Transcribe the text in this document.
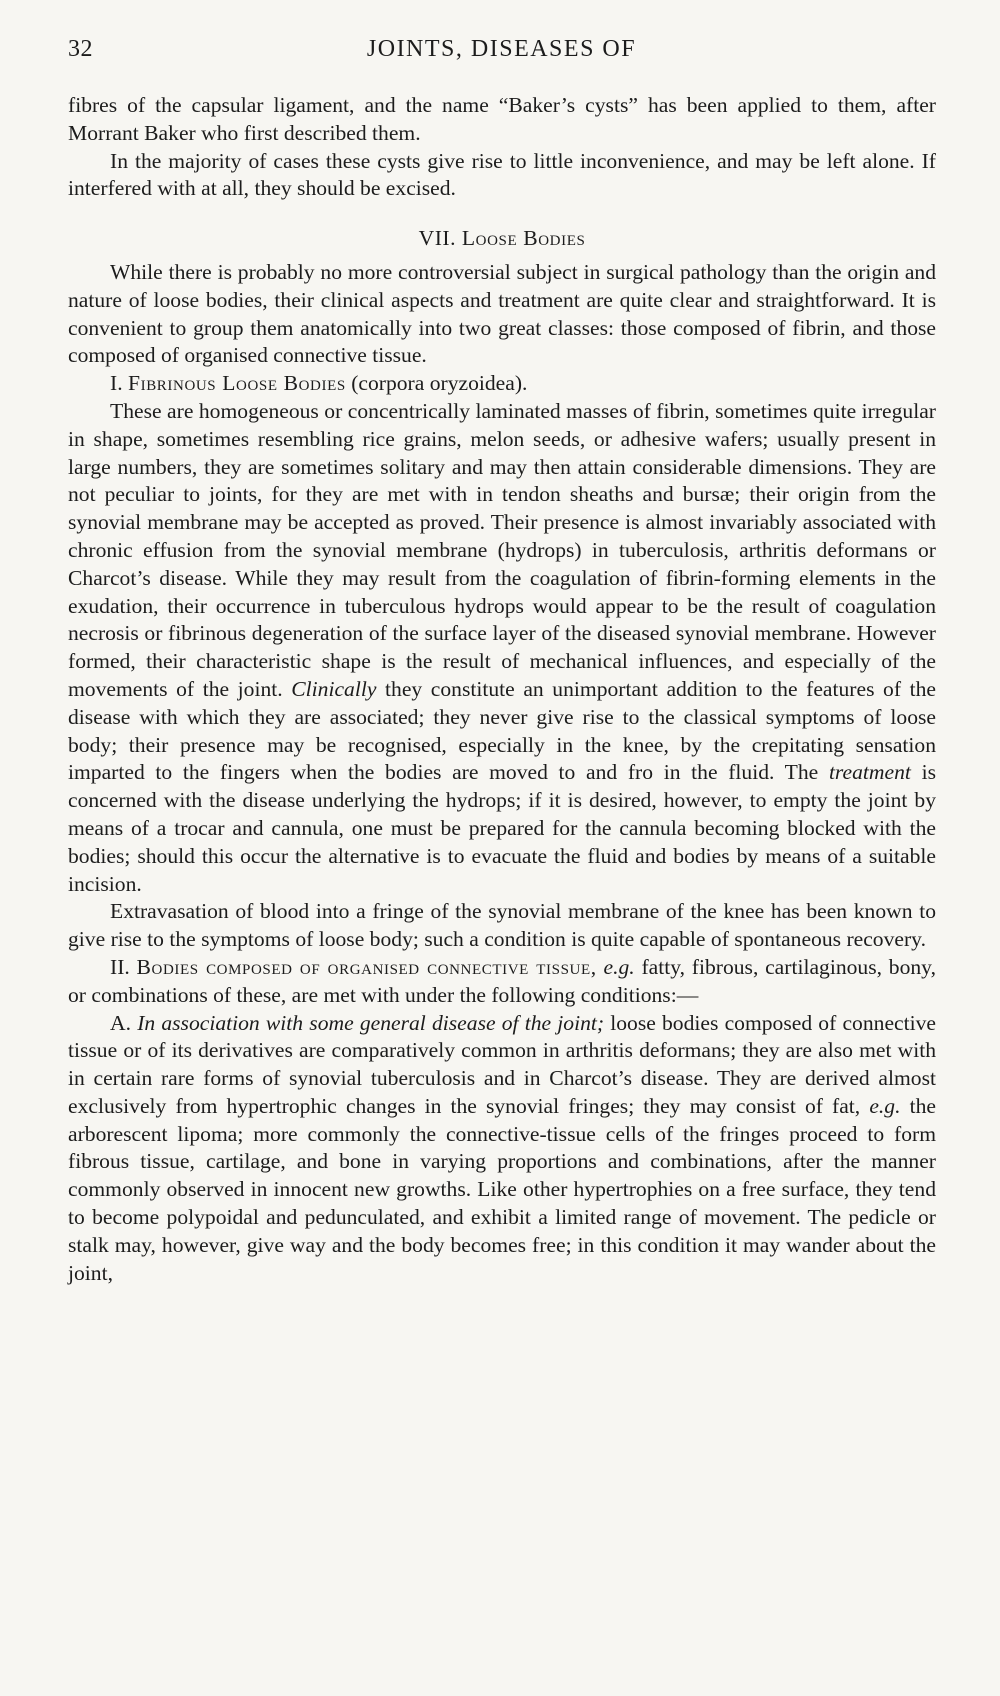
32	JOINTS, DISEASES OF

fibres of the capsular ligament, and the name “Baker’s cysts” has been applied to them, after Morrant Baker who first described them.

In the majority of cases these cysts give rise to little inconvenience, and may be left alone. If interfered with at all, they should be excised.

VII. Loose Bodies

While there is probably no more controversial subject in surgical pathology than the origin and nature of loose bodies, their clinical aspects and treatment are quite clear and straightforward. It is convenient to group them anatomically into two great classes: those composed of fibrin, and those composed of organised connective tissue.

I. Fibrinous Loose Bodies (corpora oryzoidea).

These are homogeneous or concentrically laminated masses of fibrin, sometimes quite irregular in shape, sometimes resembling rice grains, melon seeds, or adhesive wafers; usually present in large numbers, they are sometimes solitary and may then attain considerable dimensions. They are not peculiar to joints, for they are met with in tendon sheaths and bursæ; their origin from the synovial membrane may be accepted as proved. Their presence is almost invariably associated with chronic effusion from the synovial membrane (hydrops) in tuberculosis, arthritis deformans or Charcot’s disease. While they may result from the coagulation of fibrin-forming elements in the exudation, their occurrence in tuberculous hydrops would appear to be the result of coagulation necrosis or fibrinous degeneration of the surface layer of the diseased synovial membrane. However formed, their characteristic shape is the result of mechanical influences, and especially of the movements of the joint. Clinically they constitute an unimportant addition to the features of the disease with which they are associated; they never give rise to the classical symptoms of loose body; their presence may be recognised, especially in the knee, by the crepitating sensation imparted to the fingers when the bodies are moved to and fro in the fluid. The treatment is concerned with the disease underlying the hydrops; if it is desired, however, to empty the joint by means of a trocar and cannula, one must be prepared for the cannula becoming blocked with the bodies; should this occur the alternative is to evacuate the fluid and bodies by means of a suitable incision.

Extravasation of blood into a fringe of the synovial membrane of the knee has been known to give rise to the symptoms of loose body; such a condition is quite capable of spontaneous recovery.

II. Bodies composed of organised connective tissue, e.g. fatty, fibrous, cartilaginous, bony, or combinations of these, are met with under the following conditions:—

A. In association with some general disease of the joint; loose bodies composed of connective tissue or of its derivatives are comparatively common in arthritis deformans; they are also met with in certain rare forms of synovial tuberculosis and in Charcot’s disease. They are derived almost exclusively from hypertrophic changes in the synovial fringes; they may consist of fat, e.g. the arborescent lipoma; more commonly the connective-tissue cells of the fringes proceed to form fibrous tissue, cartilage, and bone in varying proportions and combinations, after the manner commonly observed in innocent new growths. Like other hypertrophies on a free surface, they tend to become polypoidal and pedunculated, and exhibit a limited range of movement. The pedicle or stalk may, however, give way and the body becomes free; in this condition it may wander about the joint,
